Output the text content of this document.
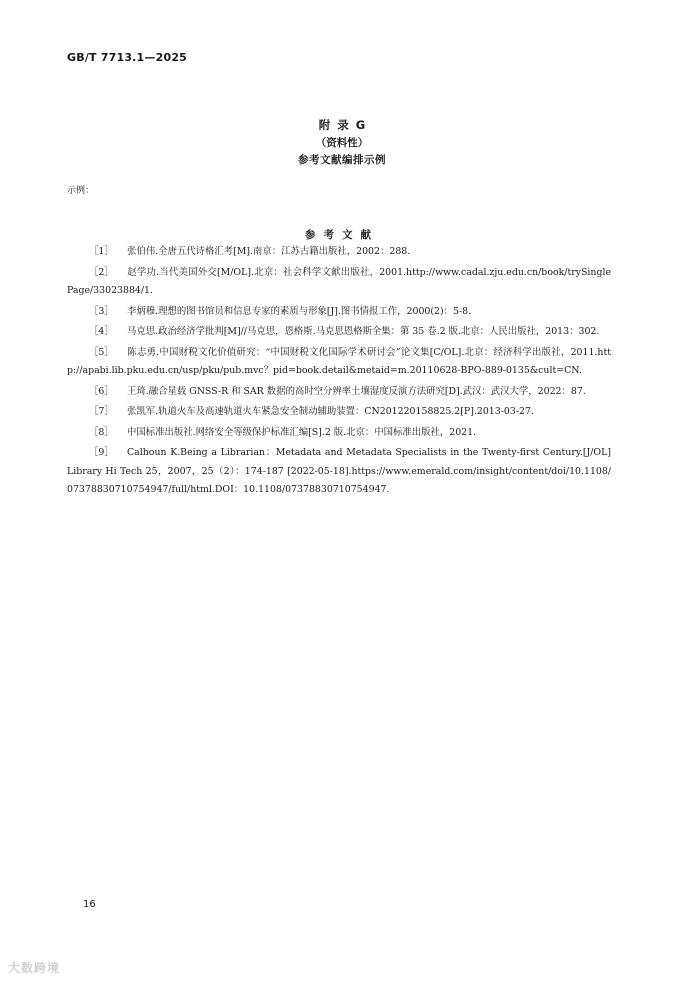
GB/T 7713.1—2025
附 录 G
（资料性）
参考文献编排示例
示例：
参考文献

［1］ 张伯伟.全唐五代诗格汇考[M].南京：江苏古籍出版社，2002：288.

［2］ 赵学功.当代美国外交[M/OL].北京：社会科学文献出版社，2001.http://www.cadal.zju.edu.cn/book/trySinglePage/33023884/1.

［3］ 李炳穆.理想的图书馆员和信息专家的素质与形象[J].图书情报工作，2000(2)：5-8.

［4］ 马克思.政治经济学批判[M]//马克思，恩格斯.马克思恩格斯全集：第 35 卷.2 版.北京：人民出版社，2013：302.

［5］ 陈志勇.中国财税文化价值研究：“中国财税文化国际学术研讨会”论文集[C/OL].北京：经济科学出版社，2011.http://apabi.lib.pku.edu.cn/usp/pku/pub.mvc？pid=book.detail&metaid=m.20110628-BPO-889-0135&cult=CN.

［6］ 王琦.融合星载 GNSS-R 和 SAR 数据的高时空分辨率土壤湿度反演方法研究[D].武汉：武汉大学，2022：87.

［7］ 张凯军.轨道火车及高速轨道火车紧急安全制动辅助装置：CN201220158825.2[P].2013-03-27.

［8］ 中国标准出版社.网络安全等级保护标准汇编[S].2 版.北京：中国标准出版社，2021.

［9］ Calhoun K.Being a Librarian：Metadata and Metadata Specialists in the Twenty-first Century.[J/OL] Library Hi Tech 25，2007，25（2）：174-187 [2022-05-18].https://www.emerald.com/insight/content/doi/10.1108/07378830710754947/full/html.DOI：10.1108/07378830710754947.

16
大数跨境
